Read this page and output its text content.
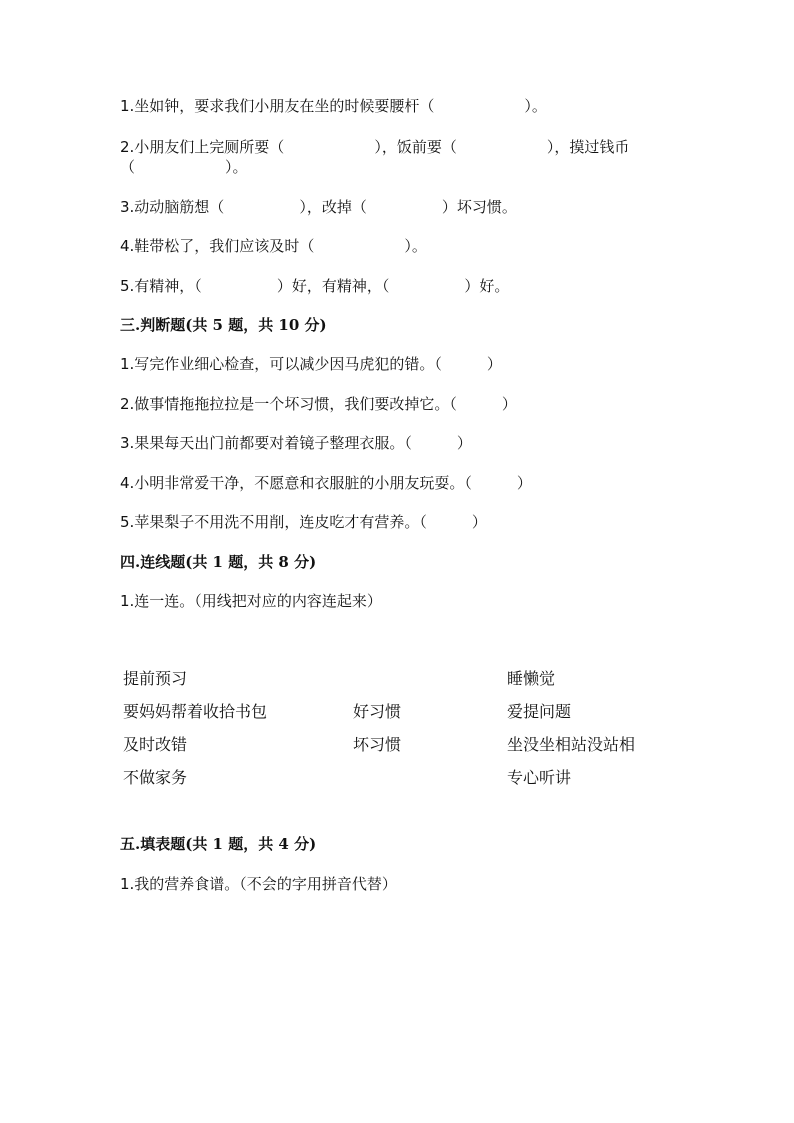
1.坐如钟，要求我们小朋友在坐的时候要腰杆（　　　　　　）。
2.小朋友们上完厕所要（　　　　　　），饭前要（　　　　　　），摸过钱币
（　　　　　　）。
3.动动脑筋想（　　　　　），改掉（　　　　　）坏习惯。
4.鞋带松了，我们应该及时（　　　　　　）。
5.有精神，（　　　　　）好，有精神，（　　　　　）好。
三.判断题(共 5 题，共 10 分)
1.写完作业细心检查，可以减少因马虎犯的错。（　　　）
2.做事情拖拖拉拉是一个坏习惯，我们要改掉它。（　　　）
3.果果每天出门前都要对着镜子整理衣服。（　　　）
4.小明非常爱干净，不愿意和衣服脏的小朋友玩耍。（　　　）
5.苹果梨子不用洗不用削，连皮吃才有营养。（　　　）
四.连线题(共 1 题，共 8 分)
1.连一连。（用线把对应的内容连起来）
提前预习
要妈妈帮着收拾书包
及时改错
不做家务
好习惯
坏习惯
睡懒觉
爱提问题
坐没坐相站没站相
专心听讲
五.填表题(共 1 题，共 4 分)
1.我的营养食谱。（不会的字用拼音代替）
